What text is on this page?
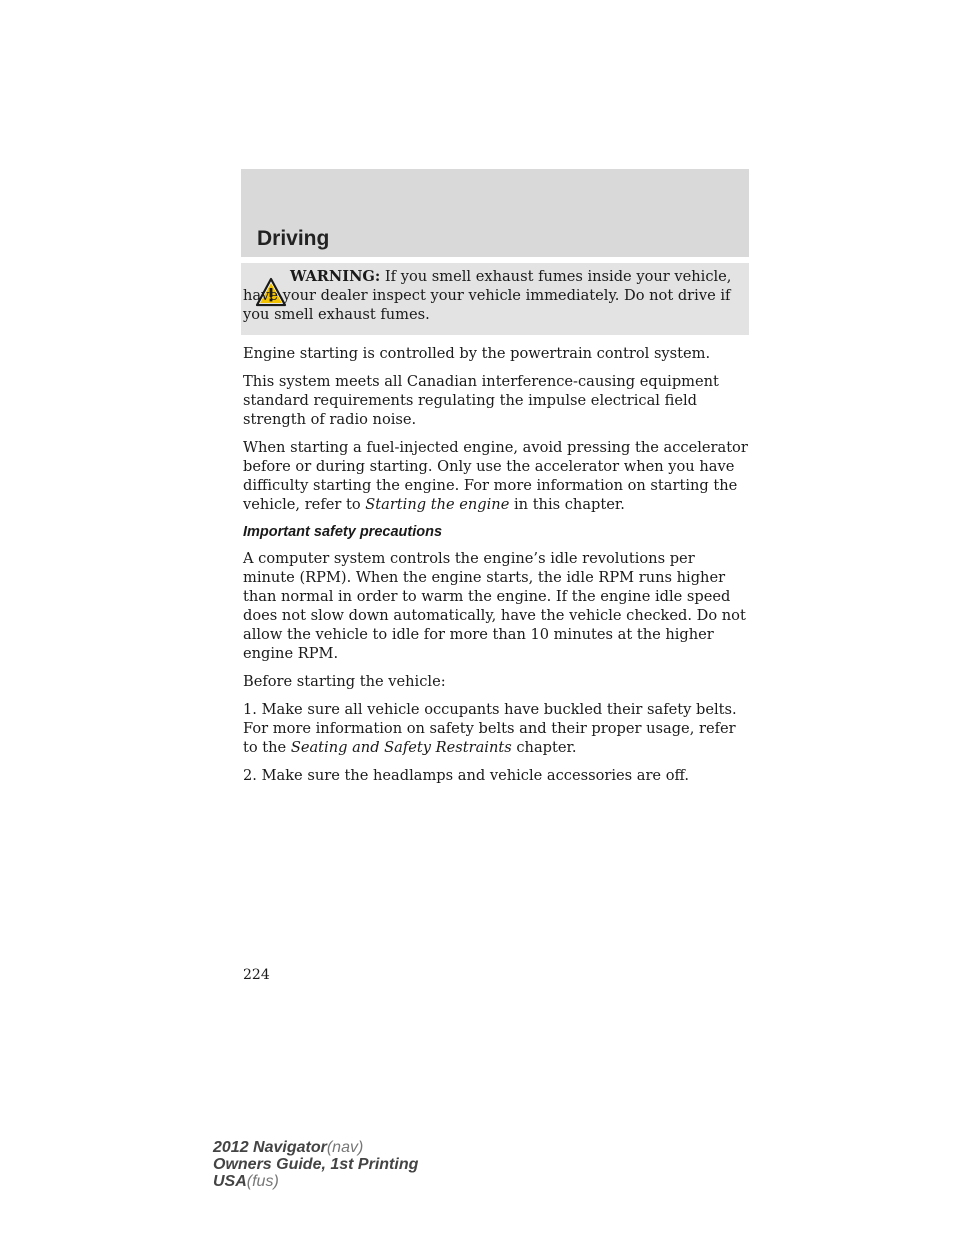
Driving
WARNING: If you smell exhaust fumes inside your vehicle, have your dealer inspect your vehicle immediately. Do not drive if you smell exhaust fumes.

Engine starting is controlled by the powertrain control system.

This system meets all Canadian interference-causing equipment standard requirements regulating the impulse electrical field strength of radio noise.

When starting a fuel-injected engine, avoid pressing the accelerator before or during starting. Only use the accelerator when you have difficulty starting the engine. For more information on starting the vehicle, refer to Starting the engine in this chapter.

Important safety precautions

A computer system controls the engine’s idle revolutions per minute (RPM). When the engine starts, the idle RPM runs higher than normal in order to warm the engine. If the engine idle speed does not slow down automatically, have the vehicle checked. Do not allow the vehicle to idle for more than 10 minutes at the higher engine RPM.

Before starting the vehicle:

1. Make sure all vehicle occupants have buckled their safety belts. For more information on safety belts and their proper usage, refer to the Seating and Safety Restraints chapter.

2. Make sure the headlamps and vehicle accessories are off.

224
2012 Navigator(nav)
Owners Guide, 1st Printing
USA(fus)
